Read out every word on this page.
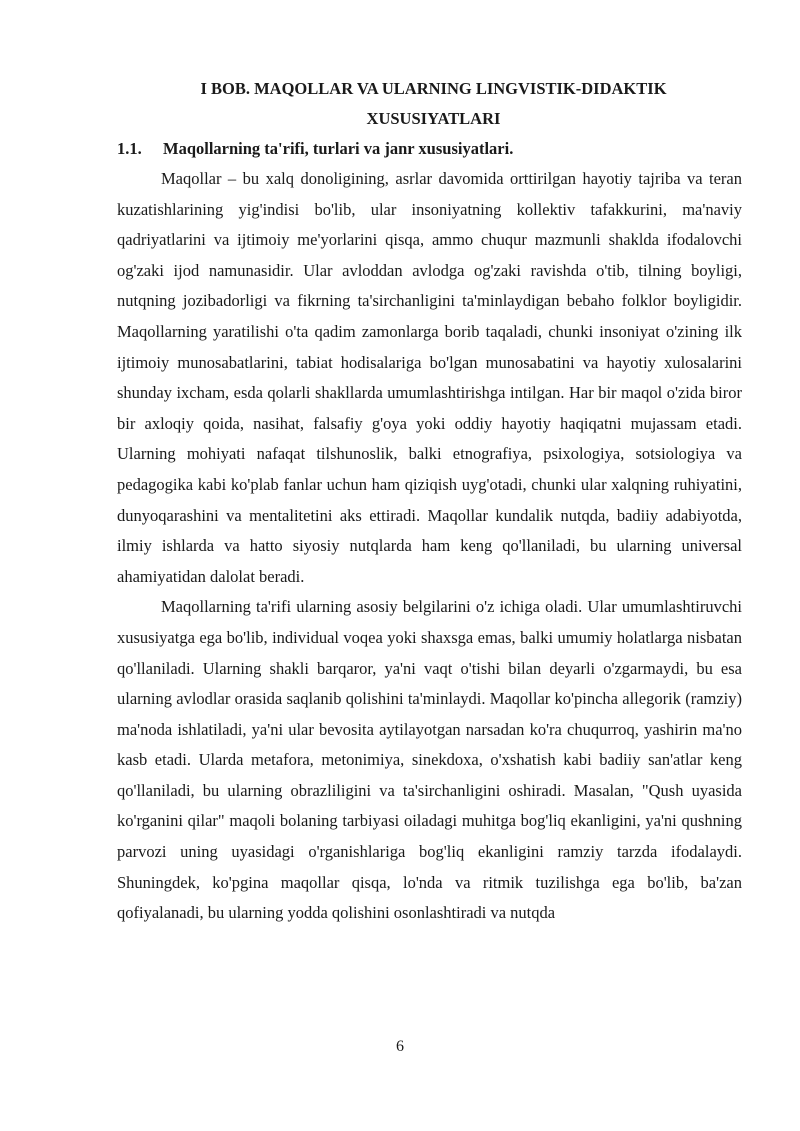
I BOB. MAQOLLAR VA ULARNING LINGVISTIK-DIDAKTIK
XUSUSIYATLARI

1.1.	Maqollarning ta'rifi, turlari va janr xususiyatlari.

Maqollar – bu xalq donoligining, asrlar davomida orttirilgan hayotiy tajriba va teran kuzatishlarining yig'indisi bo'lib, ular insoniyatning kollektiv tafakkurini, ma'naviy qadriyatlarini va ijtimoiy me'yorlarini qisqa, ammo chuqur mazmunli shaklda ifodalovchi og'zaki ijod namunasidir. Ular avloddan avlodga og'zaki ravishda o'tib, tilning boyligi, nutqning jozibadorligi va fikrning ta'sirchanligini ta'minlaydigan bebaho folklor boyligidir. Maqollarning yaratilishi o'ta qadim zamonlarga borib taqaladi, chunki insoniyat o'zining ilk ijtimoiy munosabatlarini, tabiat hodisalariga bo'lgan munosabatini va hayotiy xulosalarini shunday ixcham, esda qolarli shakllarda umumlashtirishga intilgan. Har bir maqol o'zida biror bir axloqiy qoida, nasihat, falsafiy g'oya yoki oddiy hayotiy haqiqatni mujassam etadi. Ularning mohiyati nafaqat tilshunoslik, balki etnografiya, psixologiya, sotsiologiya va pedagogika kabi ko'plab fanlar uchun ham qiziqish uyg'otadi, chunki ular xalqning ruhiyatini, dunyoqarashini va mentalitetini aks ettiradi. Maqollar kundalik nutqda, badiiy adabiyotda, ilmiy ishlarda va hatto siyosiy nutqlarda ham keng qo'llaniladi, bu ularning universal ahamiyatidan dalolat beradi.

Maqollarning ta'rifi ularning asosiy belgilarini o'z ichiga oladi. Ular umumlashtiruvchi xususiyatga ega bo'lib, individual voqea yoki shaxsga emas, balki umumiy holatlarga nisbatan qo'llaniladi. Ularning shakli barqaror, ya'ni vaqt o'tishi bilan deyarli o'zgarmaydi, bu esa ularning avlodlar orasida saqlanib qolishini ta'minlaydi. Maqollar ko'pincha allegorik (ramziy) ma'noda ishlatiladi, ya'ni ular bevosita aytilayotgan narsadan ko'ra chuqurroq, yashirin ma'no kasb etadi. Ularda metafora, metonimiya, sinekdoxa, o'xshatish kabi badiiy san'atlar keng qo'llaniladi, bu ularning obrazliligini va ta'sirchanligini oshiradi. Masalan, "Qush uyasida ko'rganini qilar" maqoli bolaning tarbiyasi oiladagi muhitga bog'liq ekanligini, ya'ni qushning parvozi uning uyasidagi o'rganishlariga bog'liq ekanligini ramziy tarzda ifodalaydi. Shuningdek, ko'pgina maqollar qisqa, lo'nda va ritmik tuzilishga ega bo'lib, ba'zan qofiyalanadi, bu ularning yodda qolishini osonlashtiradi va nutqda

6
